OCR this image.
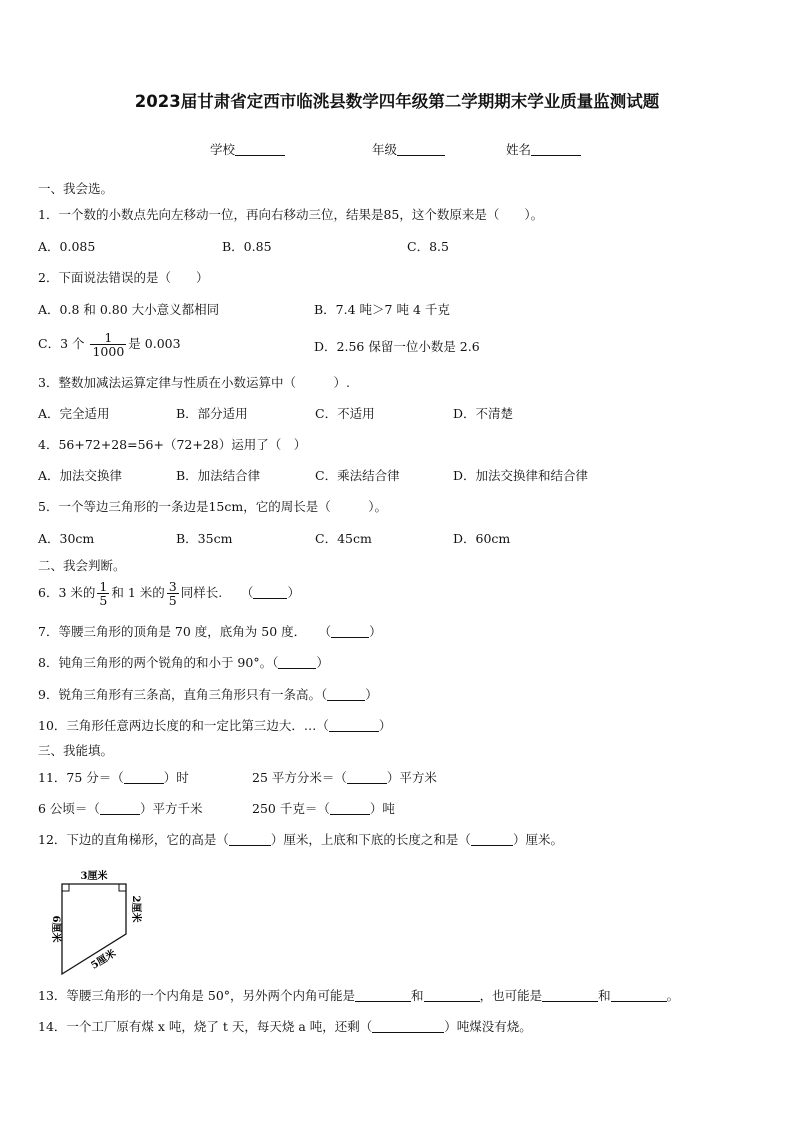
2023届甘肃省定西市临洮县数学四年级第二学期期末学业质量监测试题
学校	年级	姓名
一、我会选。
1．一个数的小数点先向左移动一位，再向右移动三位，结果是85，这个数原来是（　　）。
A．0.085	B．0.85	C．8.5
2．下面说法错误的是（　　）
A．0.8 和 0.80 大小意义都相同	B．7.4 吨＞7 吨 4 千克
C．3 个 $\frac{1}{1000}$ 是 0.003	D．2.56 保留一位小数是 2.6
3．整数加减法运算定律与性质在小数运算中（　　　）.
A．完全适用	B．部分适用	C．不适用	D．不清楚
4．56+72+28=56+（72+28）运用了（　）
A．加法交换律	B．加法结合律	C．乘法结合律	D．加法交换律和结合律
5．一个等边三角形的一条边是15cm，它的周长是（　　　）。
A．30cm	B．35cm	C．45cm	D．60cm
二、我会判断。
6．3 米的 $\frac{1}{5}$ 和 1 米的 $\frac{3}{5}$ 同样长.　　（	）
7．等腰三角形的顶角是 70 度，底角为 50 度．　　（	）
8．钝角三角形的两个锐角的和小于 90°。（	）
9．锐角三角形有三条高，直角三角形只有一条高。（	）
10．三角形任意两边长度的和一定比第三边大．…（	）
三、我能填。
11．75 分＝（	）时	25 平方分米＝（	）平方米
6 公顷＝（	）平方千米	250 千克＝（	）吨
12．下边的直角梯形，它的高是（	）厘米，上底和下底的长度之和是（	）厘米。
3厘米
6厘米
2厘米
5厘米
13．等腰三角形的一个内角是 50°，另外两个内角可能是	和	，也可能是	和	。
14．一个工厂原有煤 x 吨，烧了 t 天，每天烧 a 吨，还剩（	）吨煤没有烧。
